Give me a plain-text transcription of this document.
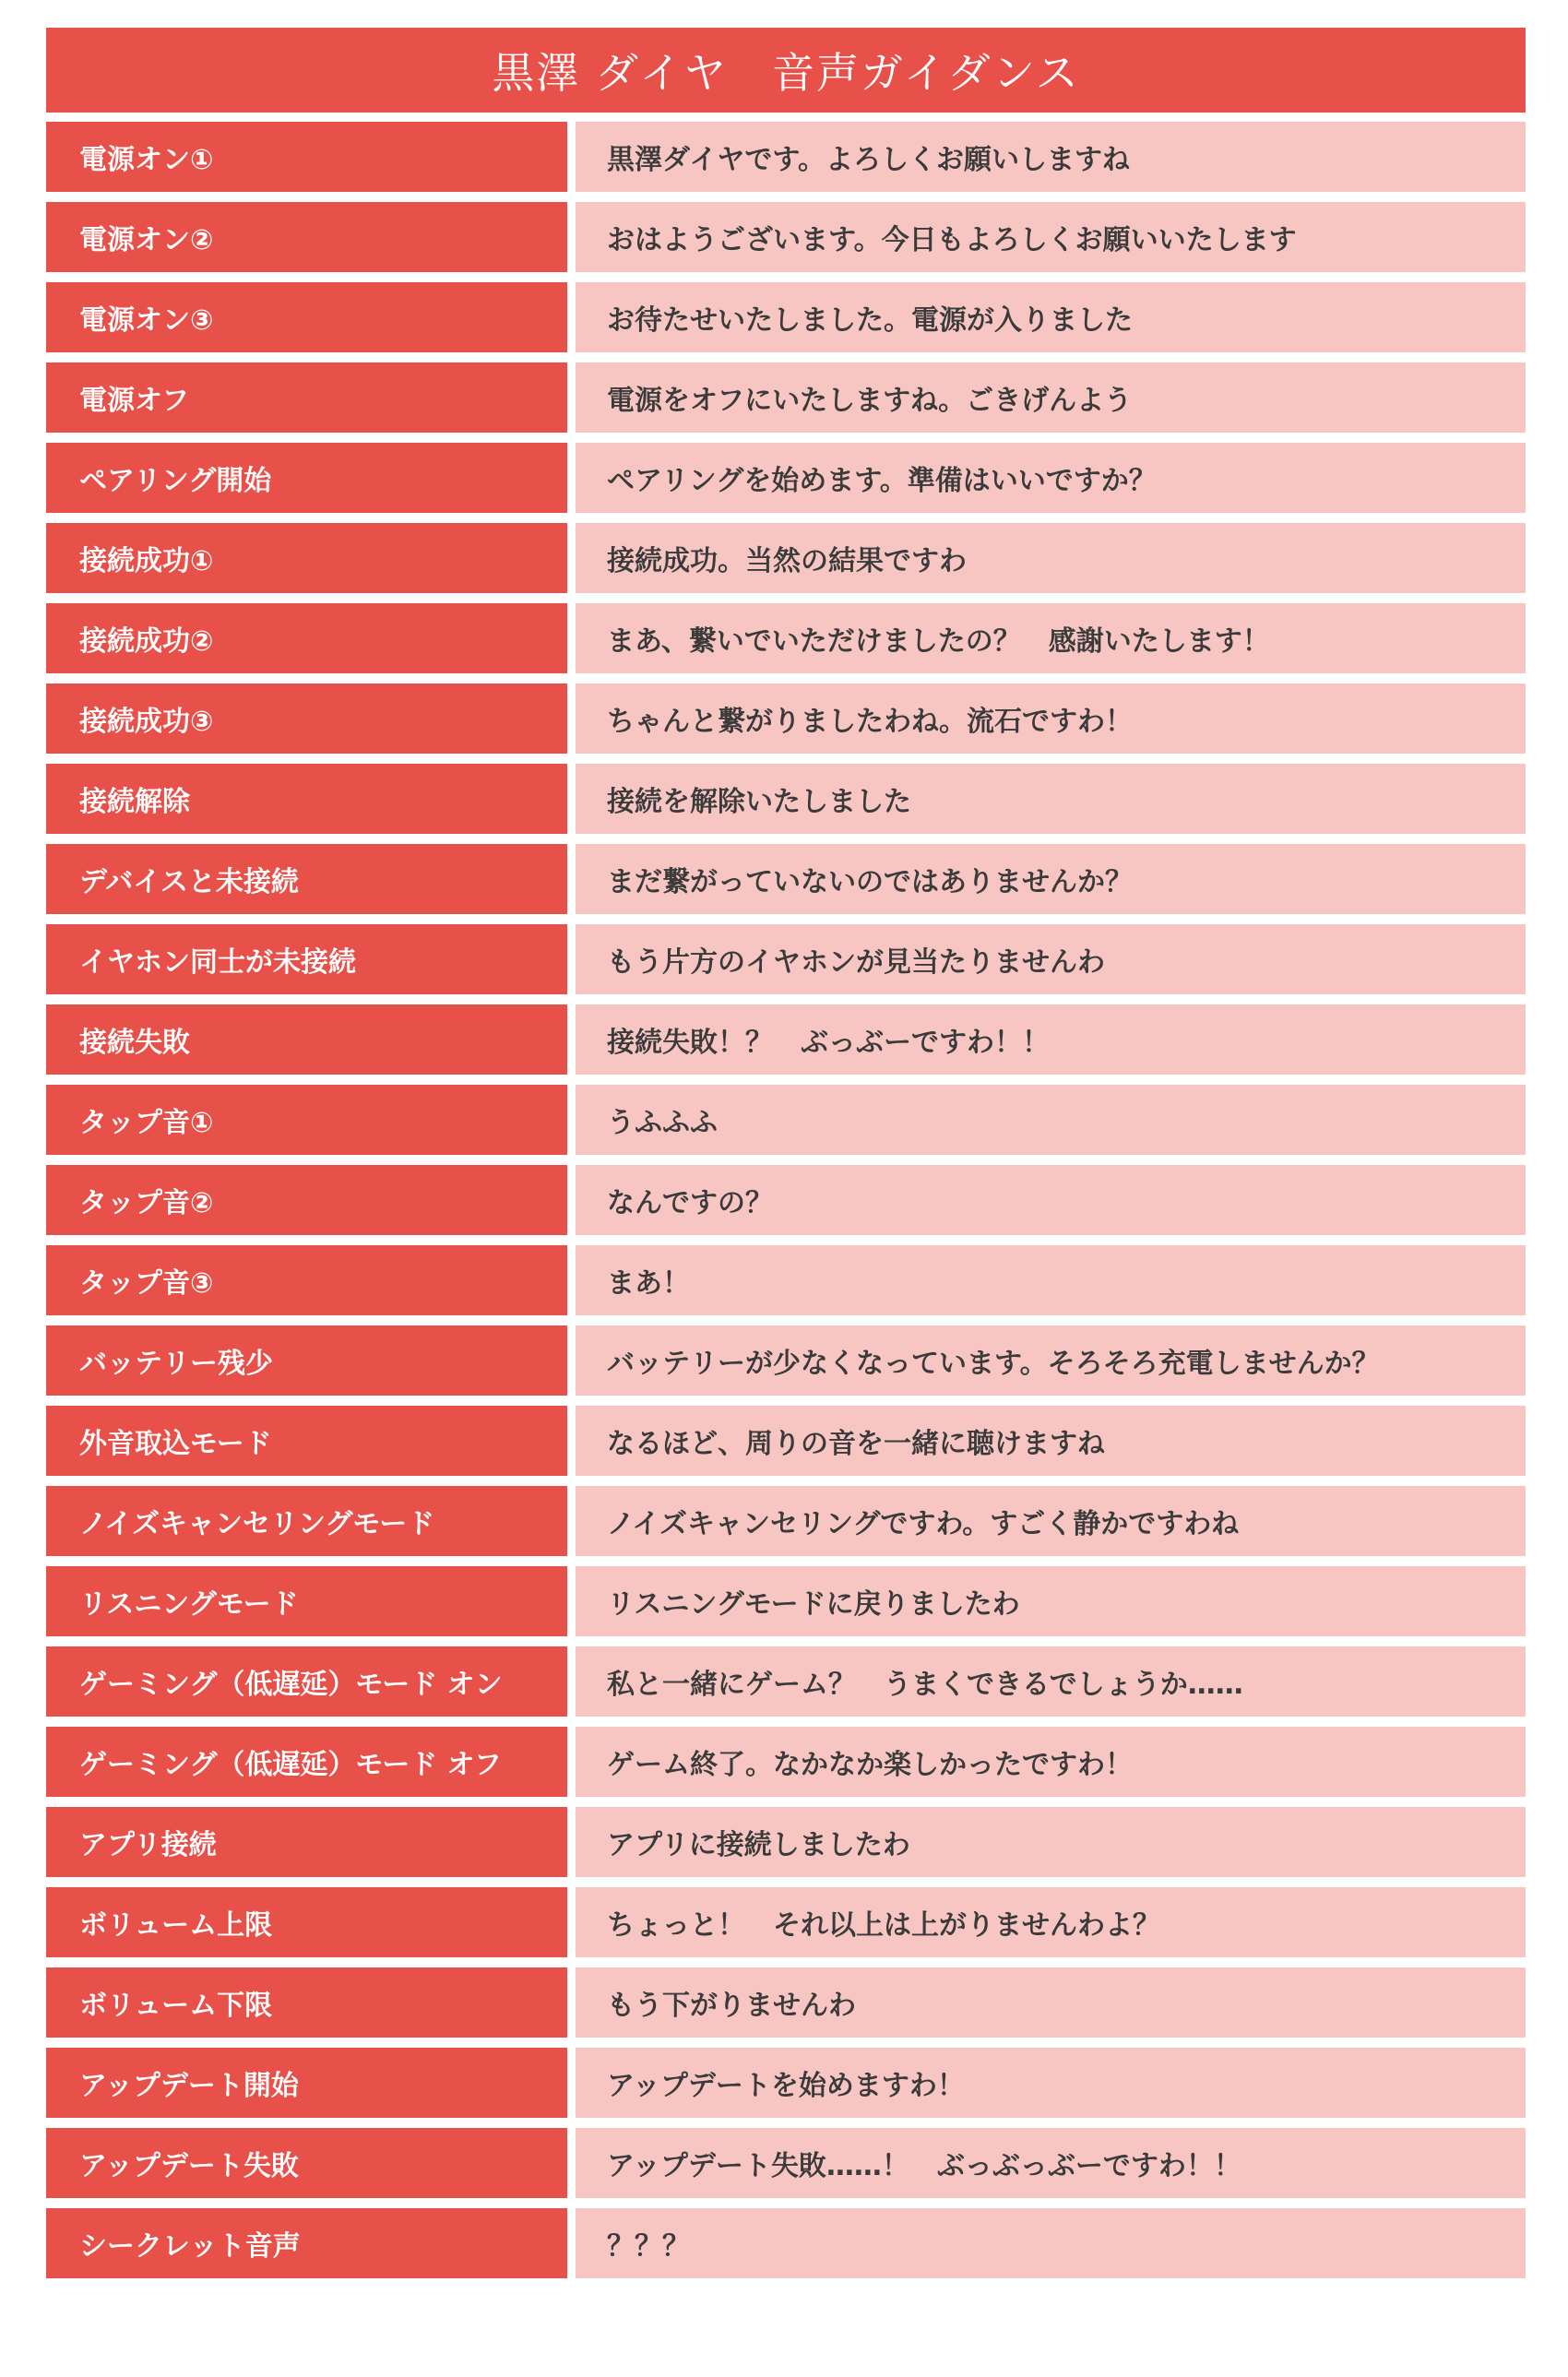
黒澤 ダイヤ　音声ガイダンス
電源オン①	黒澤ダイヤです。よろしくお願いしますね
電源オン②	おはようございます。今日もよろしくお願いいたします
電源オン③	お待たせいたしました。電源が入りました
電源オフ	電源をオフにいたしますね。ごきげんよう
ペアリング開始	ペアリングを始めます。準備はいいですか？
接続成功①	接続成功。当然の結果ですわ
接続成功②	まあ、繋いでいただけましたの？　感謝いたします！
接続成功③	ちゃんと繋がりましたわね。流石ですわ！
接続解除	接続を解除いたしました
デバイスと未接続	まだ繋がっていないのではありませんか？
イヤホン同士が未接続	もう片方のイヤホンが見当たりませんわ
接続失敗	接続失敗！？　ぶっぶーですわ！！
タップ音①	うふふふ
タップ音②	なんですの？
タップ音③	まあ！
バッテリー残少	バッテリーが少なくなっています。そろそろ充電しませんか？
外音取込モード	なるほど、周りの音を一緒に聴けますね
ノイズキャンセリングモード	ノイズキャンセリングですわ。すごく静かですわね
リスニングモード	リスニングモードに戻りましたわ
ゲーミング（低遅延）モード オン	私と一緒にゲーム？　うまくできるでしょうか……
ゲーミング（低遅延）モード オフ	ゲーム終了。なかなか楽しかったですわ！
アプリ接続	アプリに接続しましたわ
ボリューム上限	ちょっと！　それ以上は上がりませんわよ？
ボリューム下限	もう下がりませんわ
アップデート開始	アップデートを始めますわ！
アップデート失敗	アップデート失敗……！　ぶっぶっぶーですわ！！
シークレット音声	？？？
